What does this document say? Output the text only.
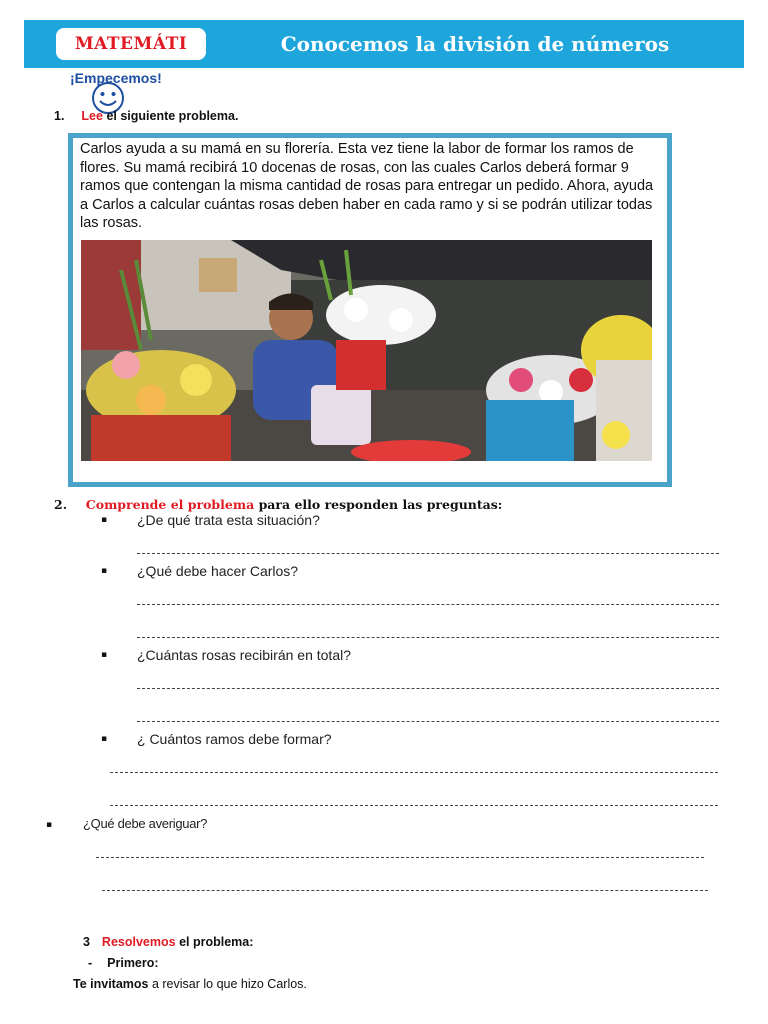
MATEMÁTI	Conocemos la división de números
¡Empecemos!
1. Lee el siguiente problema.
Carlos ayuda a su mamá en su florería. Esta vez tiene la labor de formar los ramos de flores. Su mamá recibirá 10 docenas de rosas, con las cuales Carlos deberá formar 9 ramos que contengan la misma cantidad de rosas para entregar un pedido. Ahora, ayuda a Carlos a calcular cuántas rosas deben haber en cada ramo y si se podrán utilizar todas las rosas.
2. Comprende el problema para ello responden las preguntas:
▪ ¿De qué trata esta situación?
▪ ¿Qué debe hacer Carlos?
▪ ¿Cuántas rosas recibirán en total?
▪ ¿ Cuántos ramos debe formar?
▪ ¿Qué debe averiguar?
3 Resolvemos el problema:
- Primero:
Te invitamos a revisar lo que hizo Carlos.
